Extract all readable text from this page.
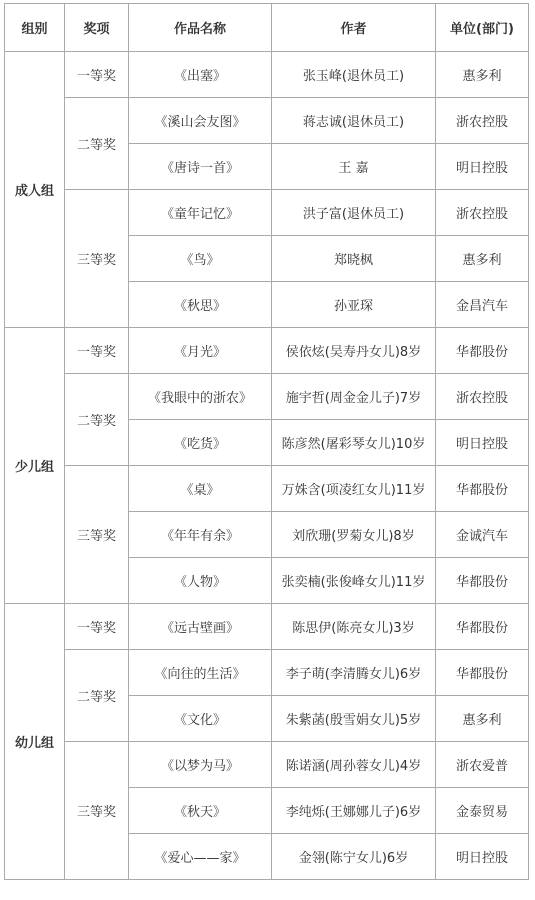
组别	奖项	作品名称	作者	单位(部门)
成人组	一等奖	《出塞》	张玉峰(退休员工)	惠多利
	二等奖	《溪山会友图》	蒋志诚(退休员工)	浙农控股
		《唐诗一首》	王 嘉	明日控股
	三等奖	《童年记忆》	洪子富(退休员工)	浙农控股
		《鸟》	郑晓枫	惠多利
		《秋思》	孙亚琛	金昌汽车
少儿组	一等奖	《月光》	侯依炫(吴寿丹女儿)8岁	华都股份
	二等奖	《我眼中的浙农》	施宇哲(周金金儿子)7岁	浙农控股
		《吃货》	陈彦然(屠彩琴女儿)10岁	明日控股
	三等奖	《桌》	万姝含(项凌红女儿)11岁	华都股份
		《年年有余》	刘欣珊(罗菊女儿)8岁	金诚汽车
		《人物》	张奕楠(张俊峰女儿)11岁	华都股份
幼儿组	一等奖	《远古壁画》	陈思伊(陈亮女儿)3岁	华都股份
	二等奖	《向往的生活》	李子萌(李清腾女儿)6岁	华都股份
		《文化》	朱紫菡(殷雪娟女儿)5岁	惠多利
	三等奖	《以梦为马》	陈诺涵(周孙蓉女儿)4岁	浙农爱普
		《秋天》	李纯烁(王娜娜儿子)6岁	金泰贸易
		《爱心——家》	金翎(陈宁女儿)6岁	明日控股
